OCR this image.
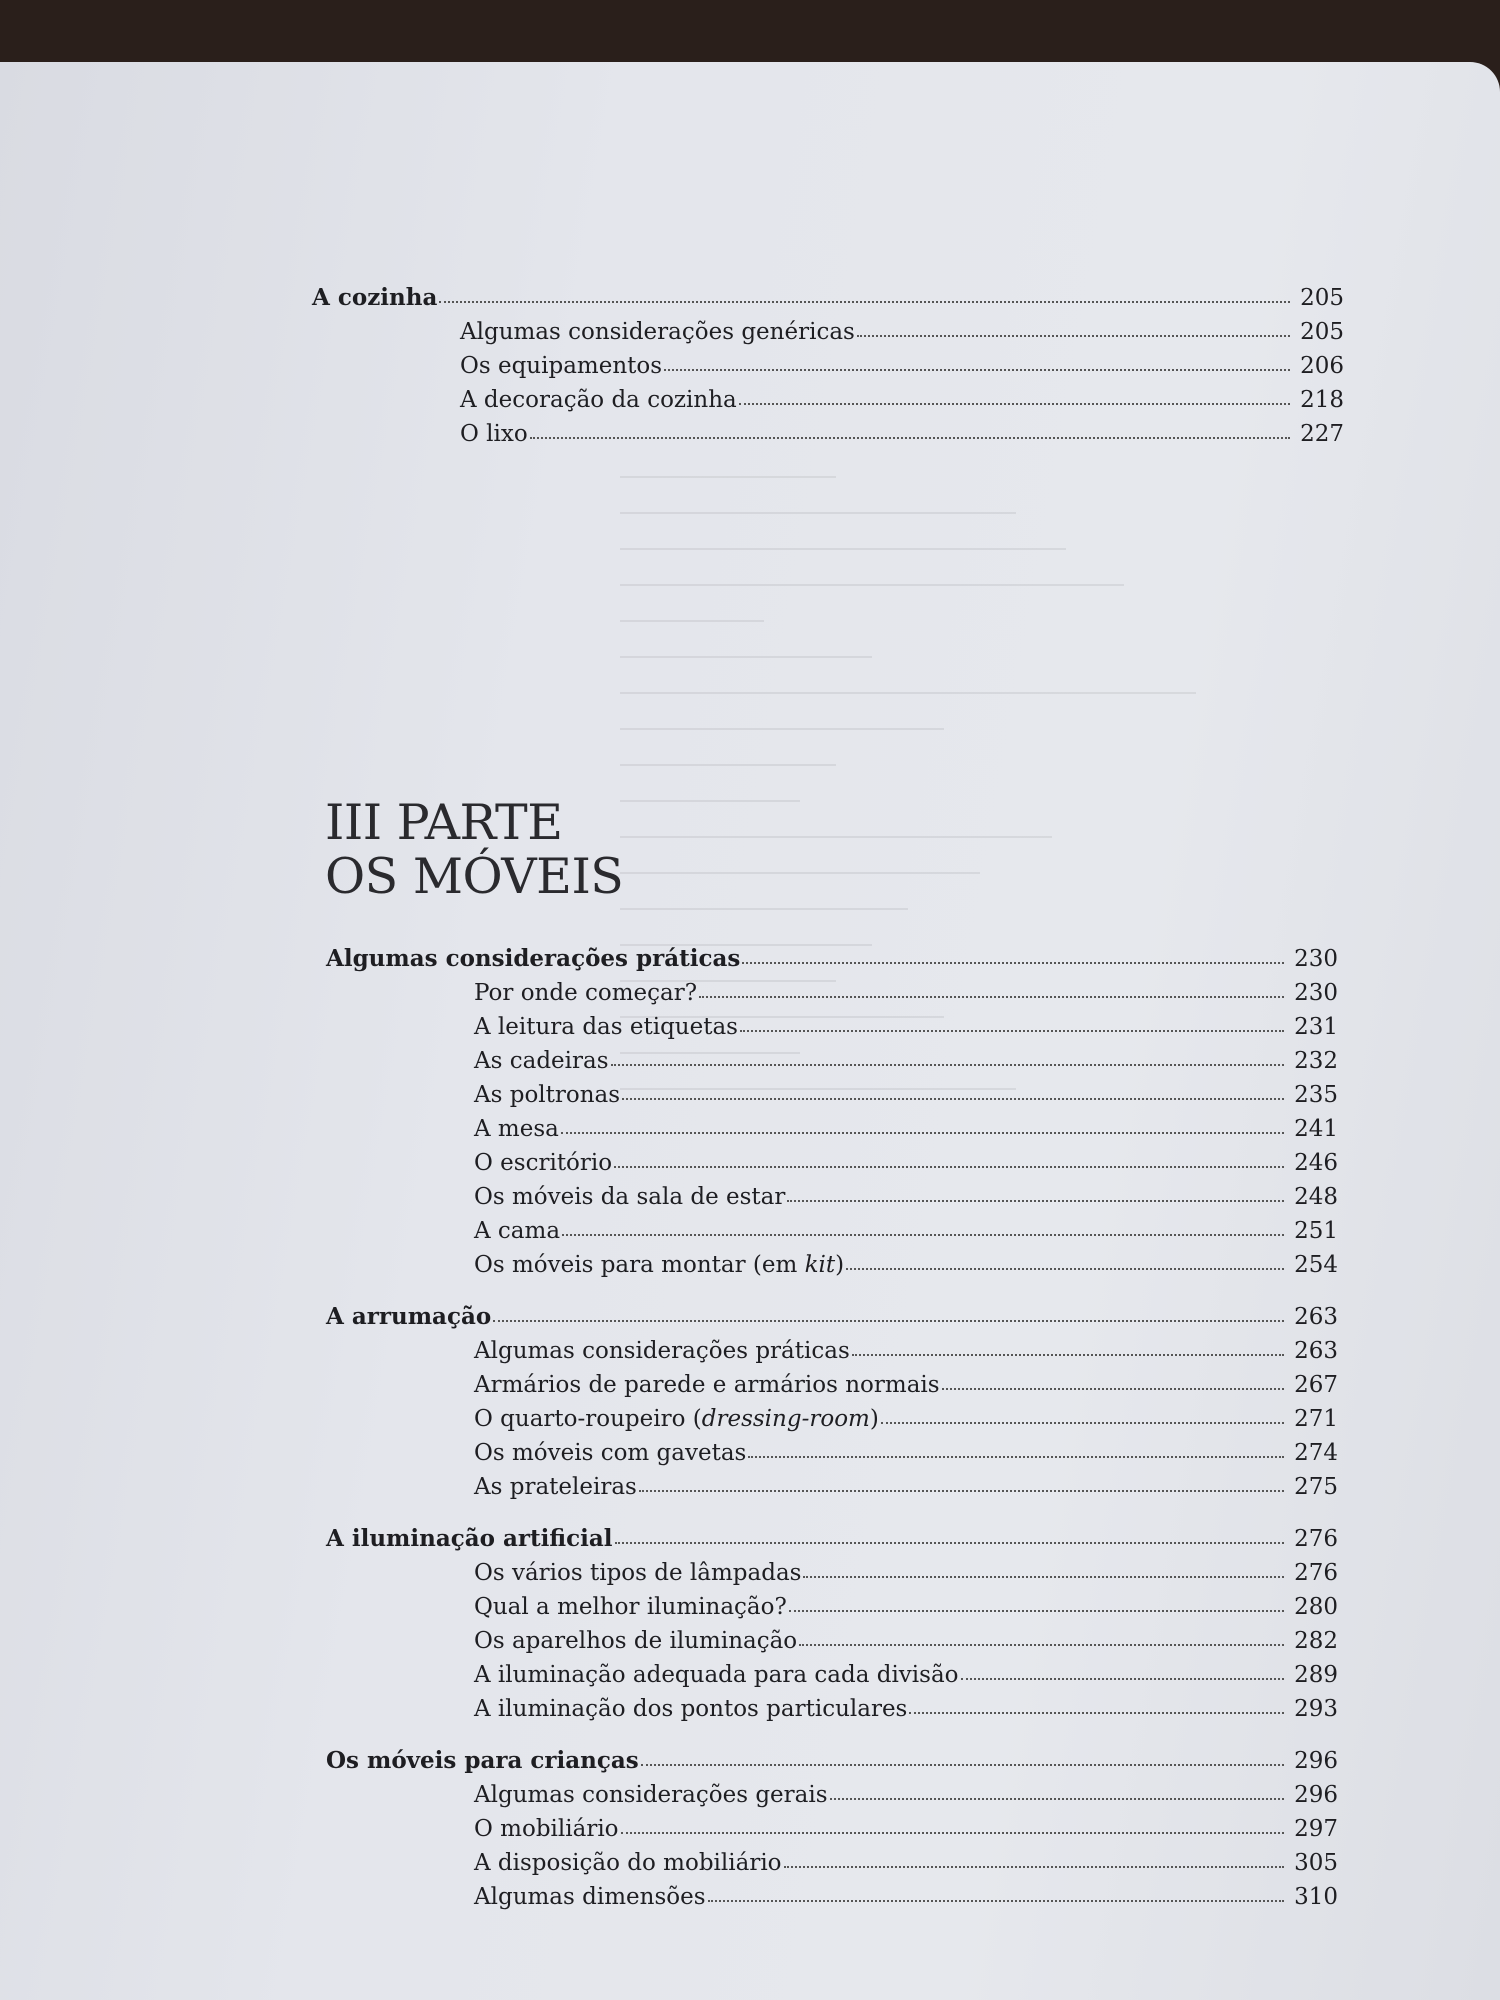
A cozinha	205
Algumas considerações genéricas	205
Os equipamentos	206
A decoração da cozinha	218
O lixo	227
III PARTE
OS MÓVEIS
Algumas considerações práticas	230
Por onde começar?	230
A leitura das etiquetas	231
As cadeiras	232
As poltronas	235
A mesa	241
O escritório	246
Os móveis da sala de estar	248
A cama	251
Os móveis para montar (em kit)	254
A arrumação	263
Algumas considerações práticas	263
Armários de parede e armários normais	267
O quarto-roupeiro (dressing-room)	271
Os móveis com gavetas	274
As prateleiras	275
A iluminação artificial	276
Os vários tipos de lâmpadas	276
Qual a melhor iluminação?	280
Os aparelhos de iluminação	282
A iluminação adequada para cada divisão	289
A iluminação dos pontos particulares	293
Os móveis para crianças	296
Algumas considerações gerais	296
O mobiliário	297
A disposição do mobiliário	305
Algumas dimensões	310
